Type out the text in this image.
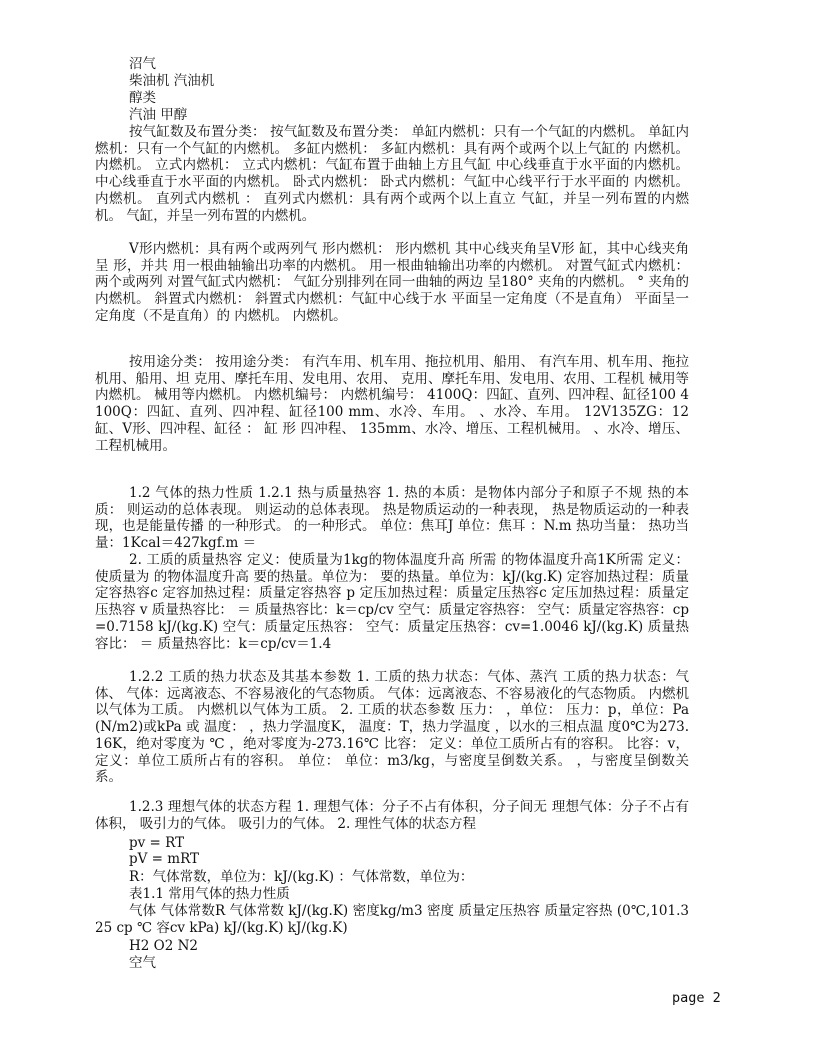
沼气
柴油机 汽油机
醇类
汽油 甲醇
按气缸数及布置分类： 按气缸数及布置分类： 单缸内燃机：只有一个气缸的内燃机。 单缸内燃机：只有一个气缸的内燃机。 多缸内燃机： 多缸内燃机：具有两个或两个以上气缸的 内燃机。 内燃机。 立式内燃机： 立式内燃机：气缸布置于曲轴上方且气缸 中心线垂直于水平面的内燃机。 中心线垂直于水平面的内燃机。 卧式内燃机： 卧式内燃机：气缸中心线平行于水平面的 内燃机。 内燃机。 直列式内燃机 ： 直列式内燃机：具有两个或两个以上直立 气缸，并呈一列布置的内燃机。 气缸，并呈一列布置的内燃机。
V形内燃机：具有两个或两列气 形内燃机： 形内燃机 其中心线夹角呈V形 缸，其中心线夹角呈 形，并共 用一根曲轴输出功率的内燃机。 用一根曲轴输出功率的内燃机。 对置气缸式内燃机：两个或两列 对置气缸式内燃机： 气缸分别排列在同一曲轴的两边 呈180° 夹角的内燃机。 ° 夹角的内燃机。 斜置式内燃机： 斜置式内燃机：气缸中心线于水 平面呈一定角度（不是直角） 平面呈一定角度（不是直角）的 内燃机。 内燃机。
按用途分类： 按用途分类： 有汽车用、机车用、拖拉机用、船用、 有汽车用、机车用、拖拉机用、船用、坦 克用、摩托车用、发电用、农用、 克用、摩托车用、发电用、农用、工程机 械用等内燃机。 械用等内燃机。 内燃机编号： 内燃机编号： 4100Q：四缸、直列、四冲程、缸径100 4100Q：四缸、直列、四冲程、缸径100 mm、水冷、车用。 、水冷、车用。 12V135ZG：12缸、V形、四冲程、缸径 ： 缸 形 四冲程、 135mm、水冷、增压、工程机械用。 、水冷、增压、工程机械用。
1.2 气体的热力性质 1.2.1 热与质量热容 1. 热的本质：是物体内部分子和原子不规 热的本质： 则运动的总体表现。 则运动的总体表现。 热是物质运动的一种表现， 热是物质运动的一种表现，也是能量传播 的一种形式。 的一种形式。 单位：焦耳J 单位：焦耳 ：N.m 热功当量： 热功当量：1Kcal＝427kgf.m ＝
2. 工质的质量热容 定义：使质量为1kg的物体温度升高 所需 的物体温度升高1K所需 定义：使质量为 的物体温度升高 要的热量。单位为： 要的热量。单位为：kJ/(kg.K) 定容加热过程：质量定容热容c 定容加热过程：质量定容热容 p 定压加热过程：质量定压热容c 定压加热过程：质量定压热容 v 质量热容比： ＝ 质量热容比：k＝cp/cv 空气：质量定容热容： 空气：质量定容热容：cp=0.7158 kJ/(kg.K) 空气：质量定压热容： 空气：质量定压热容：cv=1.0046 kJ/(kg.K) 质量热容比： ＝ 质量热容比：k＝cp/cv＝1.4
1.2.2 工质的热力状态及其基本参数 1. 工质的热力状态：气体、蒸汽 工质的热力状态：气体、 气体：远离液态、不容易液化的气态物质。 气体：远离液态、不容易液化的气态物质。 内燃机以气体为工质。 内燃机以气体为工质。 2. 工质的状态参数 压力： ，单位： 压力：p，单位：Pa (N/m2)或kPa 或 温度： ，热力学温度K， 温度：T，热力学温度 ，以水的三相点温 度0℃为273.16K，绝对零度为 ℃ ，绝对零度为-273.16℃ 比容： 定义：单位工质所占有的容积。 比容：v，定义：单位工质所占有的容积。 单位： 单位：m3/kg，与密度呈倒数关系。 ，与密度呈倒数关系。
1.2.3 理想气体的状态方程 1. 理想气体：分子不占有体积，分子间无 理想气体：分子不占有体积， 吸引力的气体。 吸引力的气体。 2. 理性气体的状态方程
pv = RT
pV = mRT
R：气体常数，单位为：kJ/(kg.K) ：气体常数，单位为：
表1.1 常用气体的热力性质
气体 气体常数R 气体常数 kJ/(kg.K) 密度kg/m3 密度 质量定压热容 质量定容热 (0℃,101.325 cp ℃ 容cv kPa) kJ/(kg.K) kJ/(kg.K)
H2 O2 N2
空气
page 2
